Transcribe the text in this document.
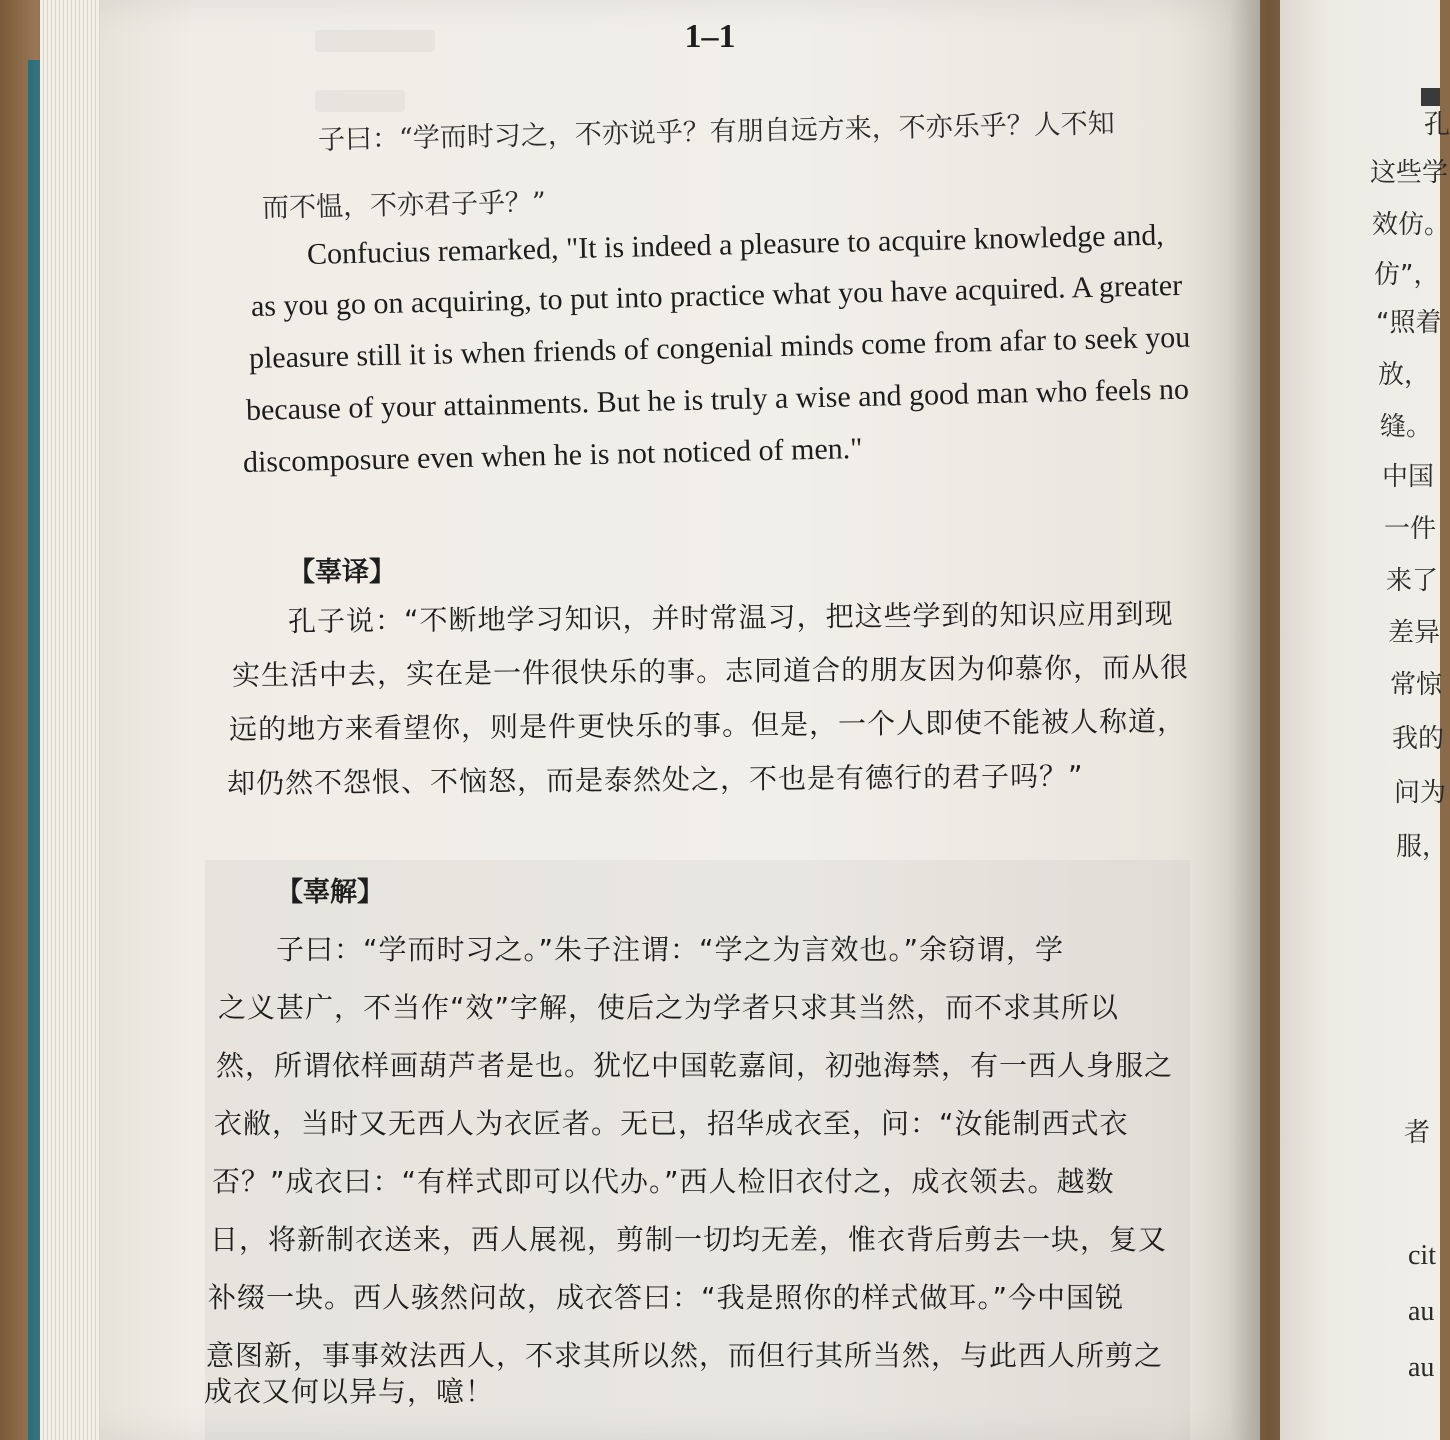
1–1
子曰：“学而时习之，不亦说乎？有朋自远方来，不亦乐乎？人不知
而不愠，不亦君子乎？”
Confucius remarked, "It is indeed a pleasure to acquire knowledge and,
as you go on acquiring, to put into practice what you have acquired. A greater
pleasure still it is when friends of congenial minds come from afar to seek you
because of your attainments. But he is truly a wise and good man who feels no
discomposure even when he is not noticed of men."
【辜译】
孔子说：“不断地学习知识，并时常温习，把这些学到的知识应用到现
实生活中去，实在是一件很快乐的事。志同道合的朋友因为仰慕你，而从很
远的地方来看望你，则是件更快乐的事。但是，一个人即使不能被人称道，
却仍然不怨恨、不恼怒，而是泰然处之，不也是有德行的君子吗？”
【辜解】
子曰：“学而时习之。”朱子注谓：“学之为言效也。”余窃谓，学
之义甚广，不当作“效”字解，使后之为学者只求其当然，而不求其所以
然，所谓依样画葫芦者是也。犹忆中国乾嘉间，初弛海禁，有一西人身服之
衣敝，当时又无西人为衣匠者。无已，招华成衣至，问：“汝能制西式衣
否？”成衣曰：“有样式即可以代办。”西人检旧衣付之，成衣领去。越数
日，将新制衣送来，西人展视，剪制一切均无差，惟衣背后剪去一块，复又
补缀一块。西人骇然问故，成衣答曰：“我是照你的样式做耳。”今中国锐
意图新，事事效法西人，不求其所以然，而但行其所当然，与此西人所剪之
成衣又何以异与，噫！
孔
这些学
效仿。
仿”，
“照着
放，
缝。
中国
一件
来了
差异
常惊
我的
问为
服，
者
cit
au
au
